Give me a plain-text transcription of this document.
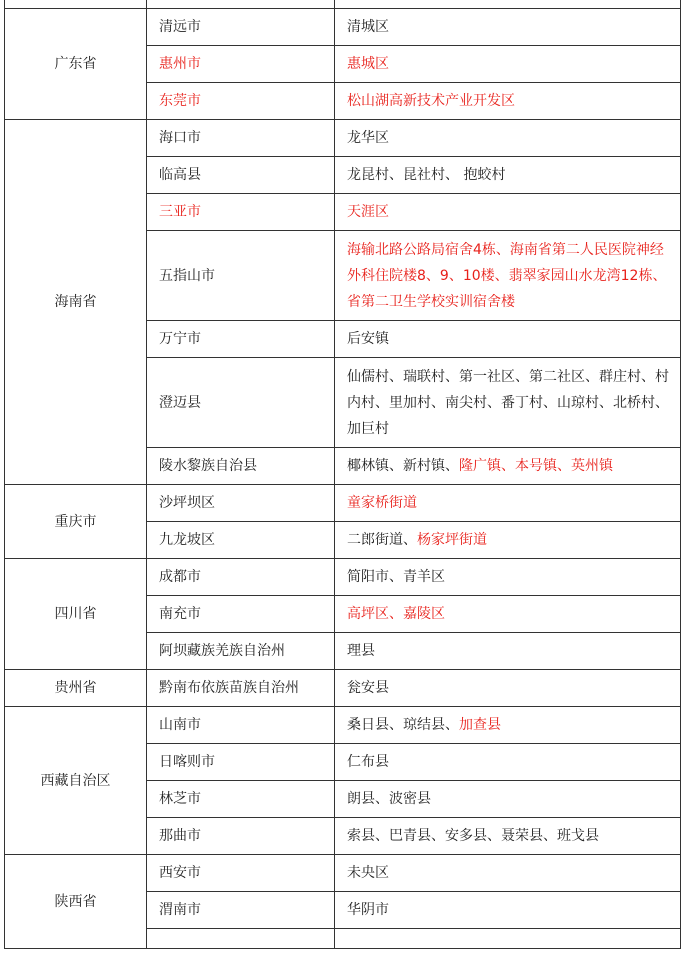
广东省	清远市	清城区
	惠州市	惠城区
	东莞市	松山湖高新技术产业开发区
海南省	海口市	龙华区
	临高县	龙昆村、昆社村、 抱蛟村
	三亚市	天涯区
	五指山市	海输北路公路局宿舍4栋、海南省第二人民医院神经外科住院楼8、9、10楼、翡翠家园山水龙湾12栋、省第二卫生学校实训宿舍楼
	万宁市	后安镇
	澄迈县	仙儒村、瑞联村、第一社区、第二社区、群庄村、村内村、里加村、南尖村、番丁村、山琼村、北桥村、加巨村
	陵水黎族自治县	椰林镇、新村镇、隆广镇、本号镇、英州镇
重庆市	沙坪坝区	童家桥街道
	九龙坡区	二郎街道、杨家坪街道
四川省	成都市	简阳市、青羊区
	南充市	高坪区、嘉陵区
	阿坝藏族羌族自治州	理县
贵州省	黔南布依族苗族自治州	瓮安县
西藏自治区	山南市	桑日县、琼结县、加查县
	日喀则市	仁布县
	林芝市	朗县、波密县
	那曲市	索县、巴青县、安多县、聂荣县、班戈县
陕西省	西安市	未央区
	渭南市	华阴市
